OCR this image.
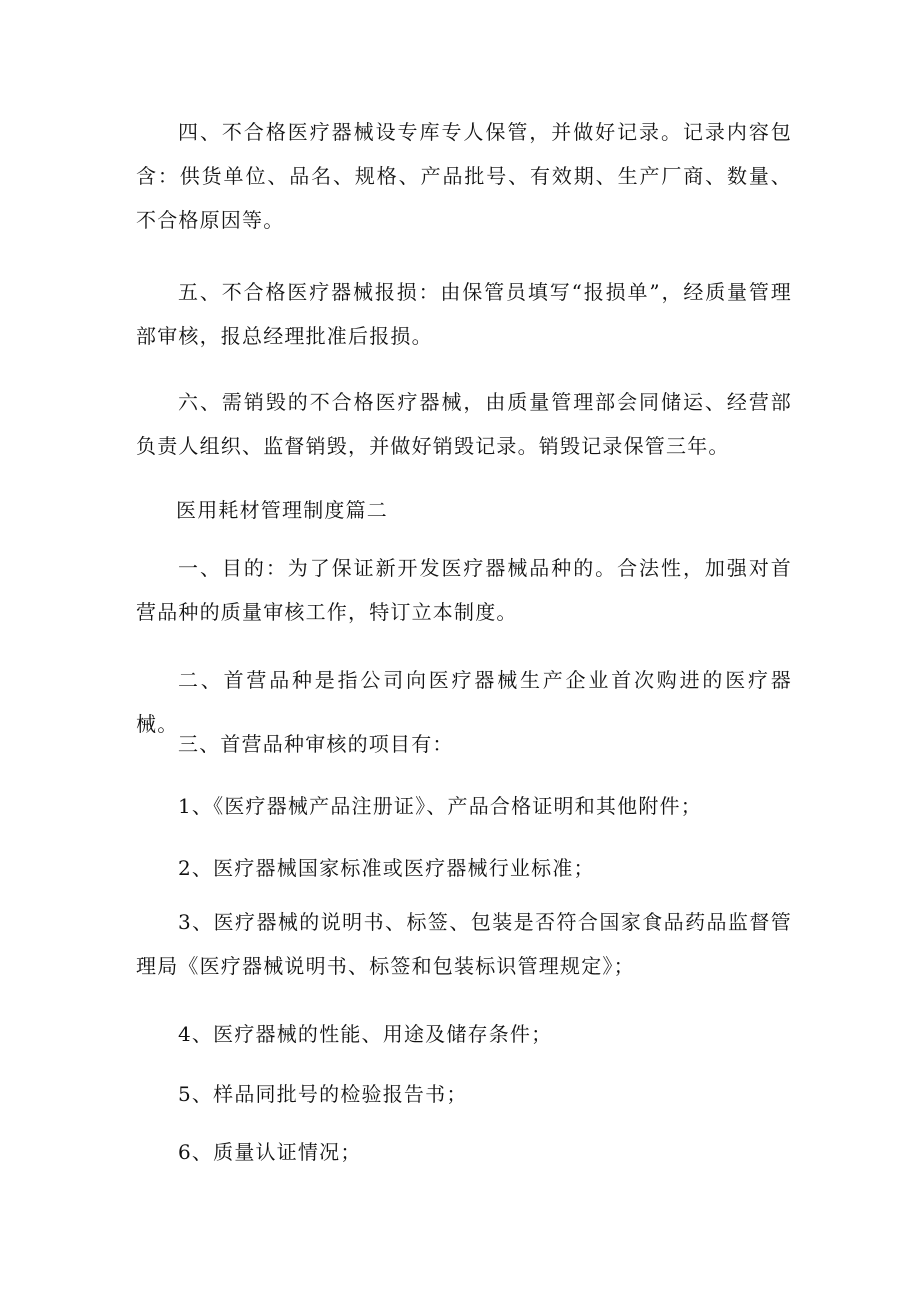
四、不合格医疗器械设专库专人保管，并做好记录。记录内容包含：供货单位、品名、规格、产品批号、有效期、生产厂商、数量、不合格原因等。

五、不合格医疗器械报损：由保管员填写“报损单”，经质量管理部审核，报总经理批准后报损。

六、需销毁的不合格医疗器械，由质量管理部会同储运、经营部负责人组织、监督销毁，并做好销毁记录。销毁记录保管三年。

医用耗材管理制度篇二

一、目的：为了保证新开发医疗器械品种的。合法性，加强对首营品种的质量审核工作，特订立本制度。

二、首营品种是指公司向医疗器械生产企业首次购进的医疗器械。

三、首营品种审核的项目有：

1、《医疗器械产品注册证》、产品合格证明和其他附件；

2、医疗器械国家标准或医疗器械行业标准；

3、医疗器械的说明书、标签、包装是否符合国家食品药品监督管理局《医疗器械说明书、标签和包装标识管理规定》；

4、医疗器械的性能、用途及储存条件；

5、样品同批号的检验报告书；

6、质量认证情况；
